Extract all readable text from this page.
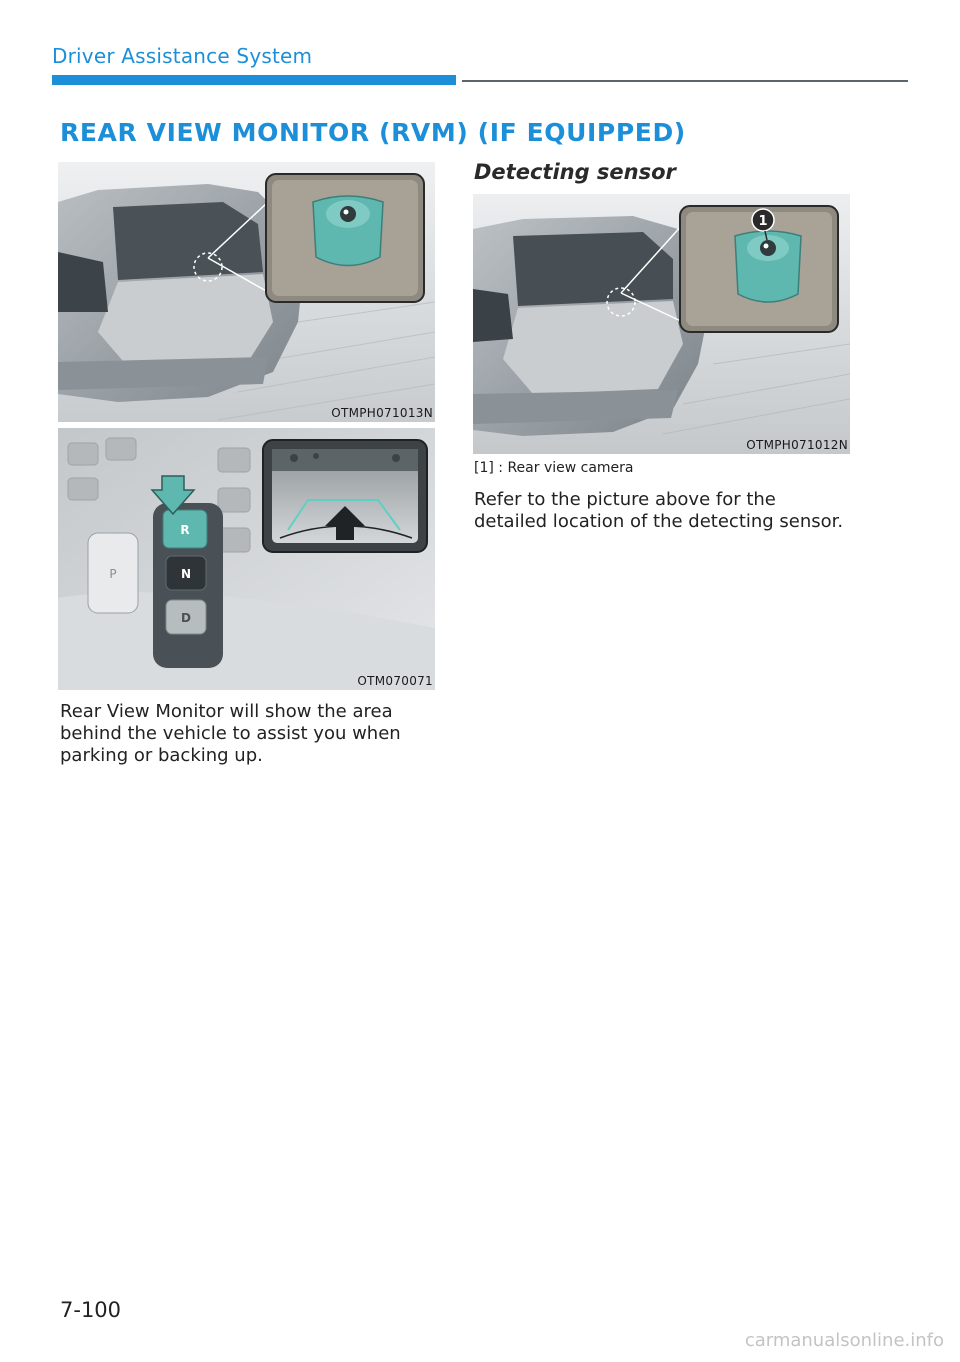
Driver Assistance System
REAR VIEW MONITOR (RVM) (IF EQUIPPED)
OTMPH071013N
P
R
N
D
OTM070071
Rear View Monitor will show the area behind the vehicle to assist you when parking or backing up.
Detecting sensor
1
OTMPH071012N
[1] : Rear view camera
Refer to the picture above for the detailed location of the detecting sensor.
7-100
carmanualsonline.info
